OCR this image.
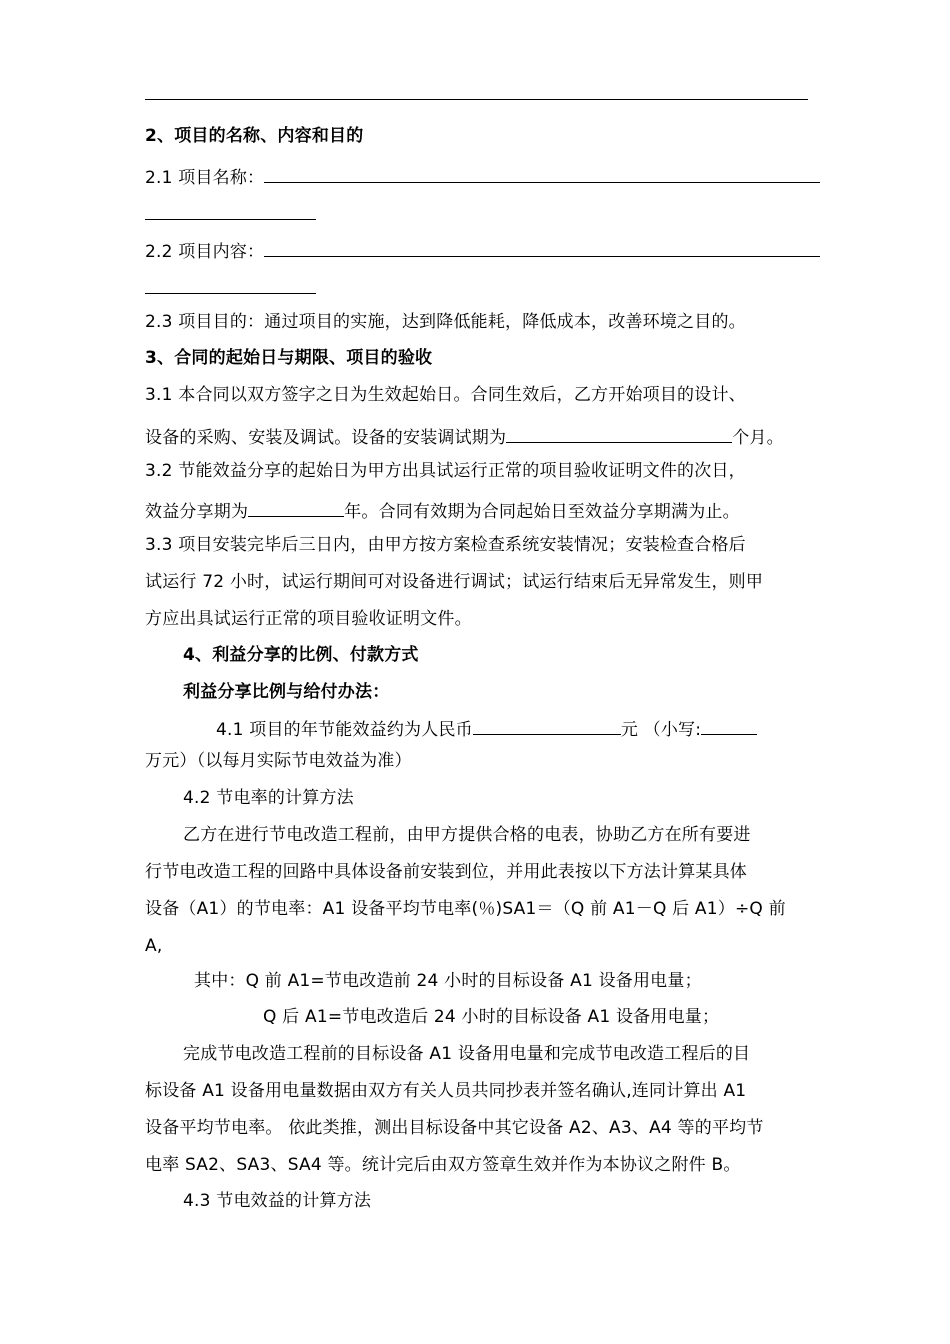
2、项目的名称、内容和目的
2.1 项目名称：
2.2 项目内容：
2.3 项目目的：通过项目的实施，达到降低能耗，降低成本，改善环境之目的。
3、合同的起始日与期限、项目的验收
3.1 本合同以双方签字之日为生效起始日。合同生效后，乙方开始项目的设计、
设备的采购、安装及调试。设备的安装调试期为	个月。
3.2 节能效益分享的起始日为甲方出具试运行正常的项目验收证明文件的次日，
效益分享期为	年。合同有效期为合同起始日至效益分享期满为止。
3.3 项目安装完毕后三日内，由甲方按方案检查系统安装情况；安装检查合格后
试运行 72 小时，试运行期间可对设备进行调试；试运行结束后无异常发生，则甲
方应出具试运行正常的项目验收证明文件。
4、利益分享的比例、付款方式
利益分享比例与给付办法：
4.1 项目的年节能效益约为人民币	元 （小写:
万元）（以每月实际节电效益为准）
4.2 节电率的计算方法
乙方在进行节电改造工程前，由甲方提供合格的电表，协助乙方在所有要进
行节电改造工程的回路中具体设备前安装到位，并用此表按以下方法计算某具体
设备（A1）的节电率：A1 设备平均节电率(％)SA1＝（Q 前 A1－Q 后 A1）÷Q 前
A,
其中：Q 前 A1=节电改造前 24 小时的目标设备 A1 设备用电量；
Q 后 A1=节电改造后 24 小时的目标设备 A1 设备用电量；
完成节电改造工程前的目标设备 A1 设备用电量和完成节电改造工程后的目
标设备 A1 设备用电量数据由双方有关人员共同抄表并签名确认,连同计算出 A1
设备平均节电率。 依此类推，测出目标设备中其它设备 A2、A3、A4 等的平均节
电率 SA2、SA3、SA4 等。统计完后由双方签章生效并作为本协议之附件 B。
4.3 节电效益的计算方法
